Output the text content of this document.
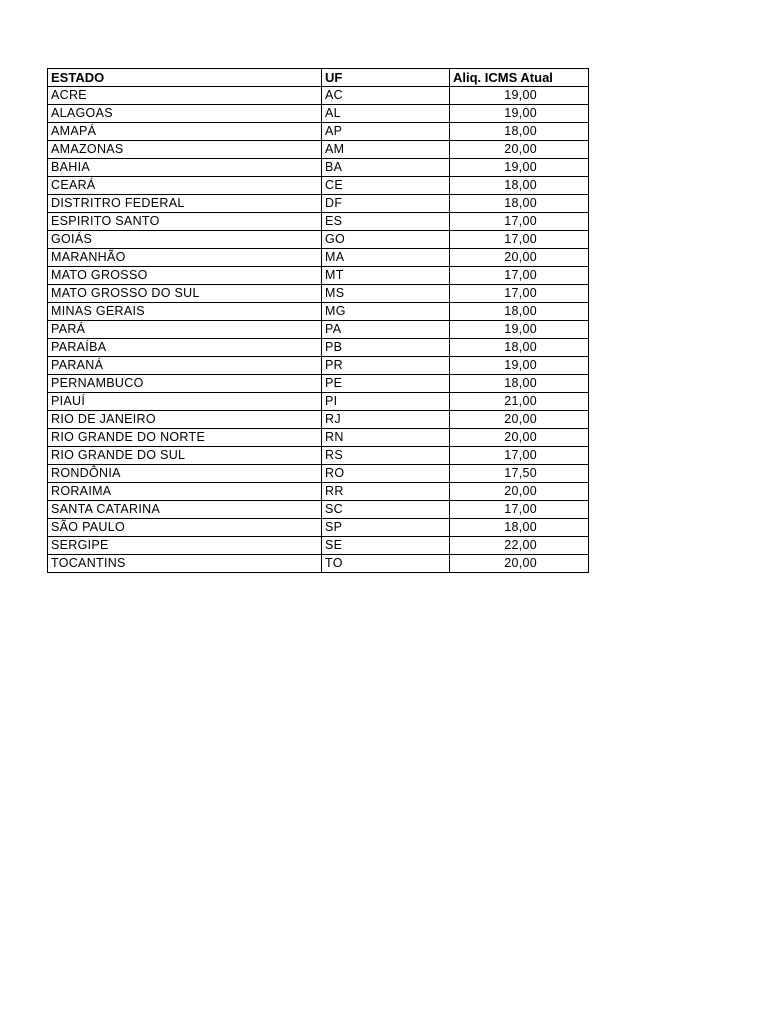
ESTADO	UF	Aliq. ICMS Atual
ACRE	AC	19,00
ALAGOAS	AL	19,00
AMAPÁ	AP	18,00
AMAZONAS	AM	20,00
BAHIA	BA	19,00
CEARÁ	CE	18,00
DISTRITRO FEDERAL	DF	18,00
ESPIRITO SANTO	ES	17,00
GOIÁS	GO	17,00
MARANHÃO	MA	20,00
MATO GROSSO	MT	17,00
MATO GROSSO DO SUL	MS	17,00
MINAS GERAIS	MG	18,00
PARÁ	PA	19,00
PARAÍBA	PB	18,00
PARANÁ	PR	19,00
PERNAMBUCO	PE	18,00
PIAUÍ	PI	21,00
RIO DE JANEIRO	RJ	20,00
RIO GRANDE DO NORTE	RN	20,00
RIO GRANDE DO SUL	RS	17,00
RONDÔNIA	RO	17,50
RORAIMA	RR	20,00
SANTA CATARINA	SC	17,00
SÃO PAULO	SP	18,00
SERGIPE	SE	22,00
TOCANTINS	TO	20,00
